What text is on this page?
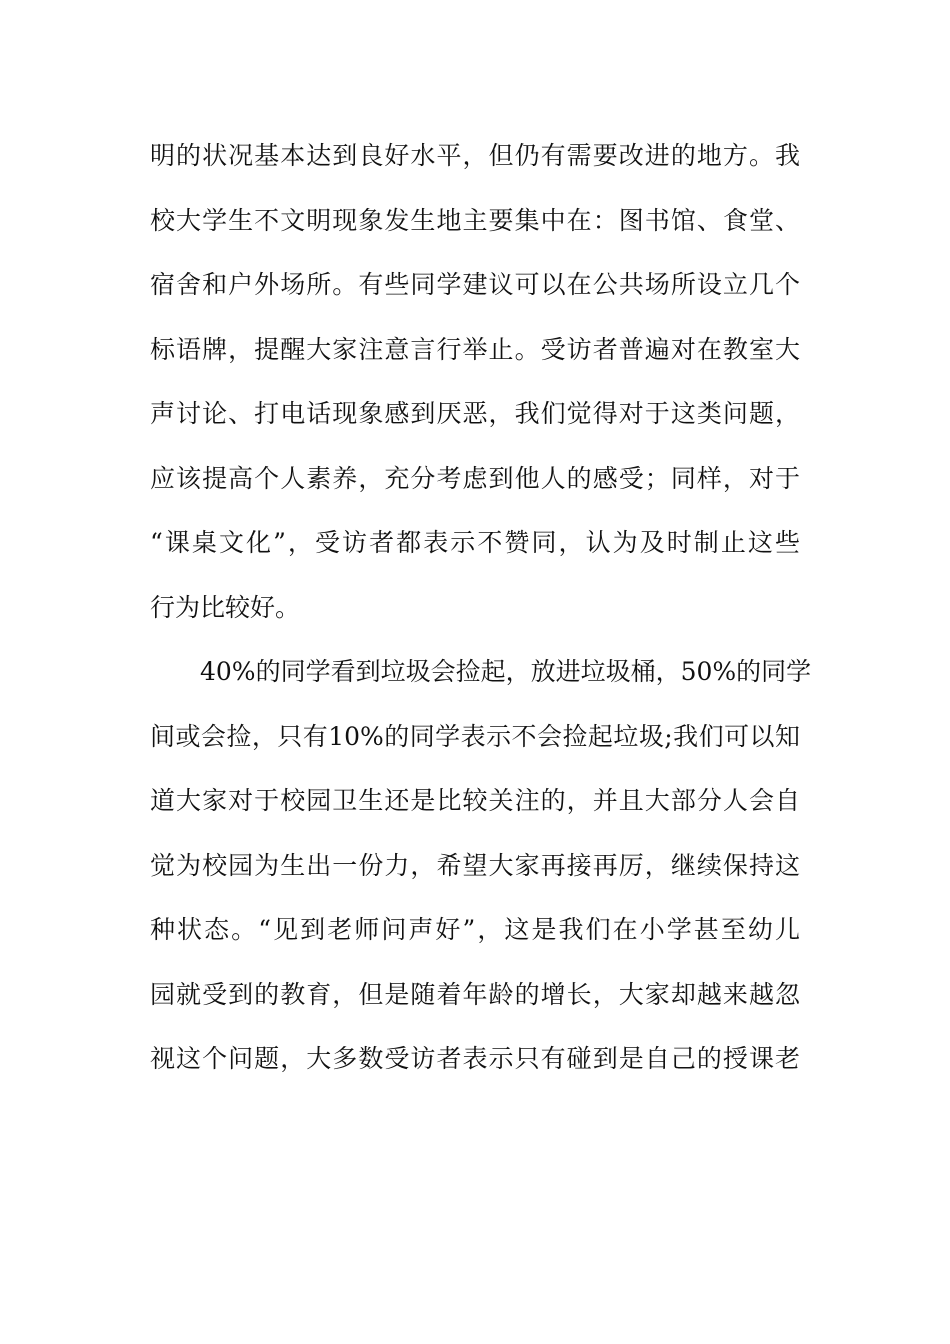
明的状况基本达到良好水平，但仍有需要改进的地方。我
校大学生不文明现象发生地主要集中在：图书馆、食堂、
宿舍和户外场所。有些同学建议可以在公共场所设立几个
标语牌，提醒大家注意言行举止。受访者普遍对在教室大
声讨论、打电话现象感到厌恶，我们觉得对于这类问题，
应该提高个人素养，充分考虑到他人的感受；同样，对于
“课桌文化”，受访者都表示不赞同，认为及时制止这些
行为比较好。
40%的同学看到垃圾会捡起，放进垃圾桶，50%的同学
间或会捡，只有10%的同学表示不会捡起垃圾;我们可以知
道大家对于校园卫生还是比较关注的，并且大部分人会自
觉为校园为生出一份力，希望大家再接再厉，继续保持这
种状态。“见到老师问声好”，这是我们在小学甚至幼儿
园就受到的教育，但是随着年龄的增长，大家却越来越忽
视这个问题，大多数受访者表示只有碰到是自己的授课老
